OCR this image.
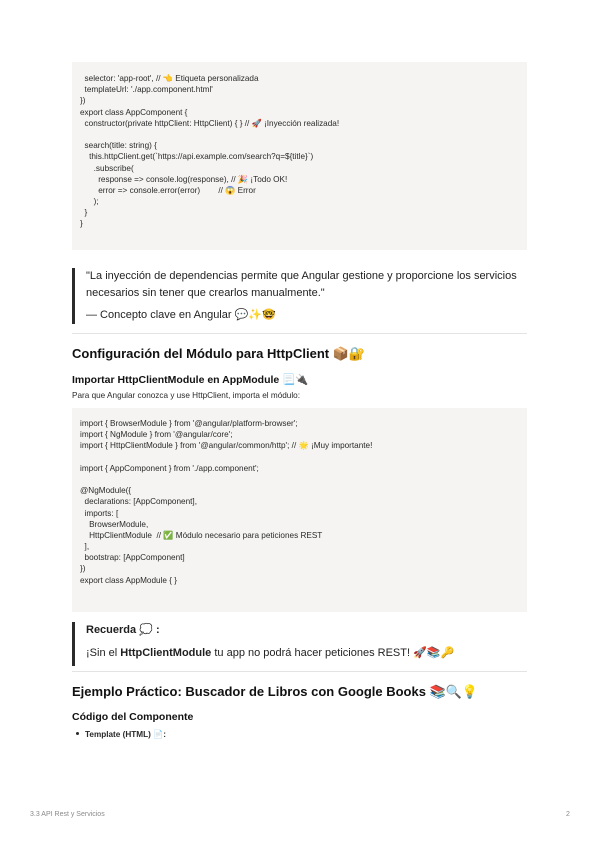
selector: 'app-root', // 👈 Etiqueta personalizada
templateUrl: './app.component.html'
})
export class AppComponent {
constructor(private httpClient: HttpClient) { } // 🚀 ¡Inyección realizada!
search(title: string) {
this.httpClient.get(`https://api.example.com/search?q=${title}`)
.subscribe(
response => console.log(response), // 🎉 ¡Todo OK!
error => console.error(error)        // 😱 Error
);
}
}
"La inyección de dependencias permite que Angular gestione y proporcione los servicios necesarios sin tener que crearlos manualmente."
— Concepto clave en Angular 💬✨🤓
Configuración del Módulo para HttpClient 📦🔐
Importar HttpClientModule en AppModule 📃🔌
Para que Angular conozca y use HttpClient, importa el módulo:
import { BrowserModule } from '@angular/platform-browser';
import { NgModule } from '@angular/core';
import { HttpClientModule } from '@angular/common/http'; // 🌟 ¡Muy importante!
import { AppComponent } from './app.component';
@NgModule({
declarations: [AppComponent],
imports: [
BrowserModule,
HttpClientModule  // ✅ Módulo necesario para peticiones REST
],
bootstrap: [AppComponent]
})
export class AppModule { }
Recuerda 💭 :
¡Sin el HttpClientModule tu app no podrá hacer peticiones REST! 🚀📚🔑
Ejemplo Práctico: Buscador de Libros con Google Books 📚🔍💡
Código del Componente
Template (HTML) 📄:
3.3 API Rest y Servicios	2
